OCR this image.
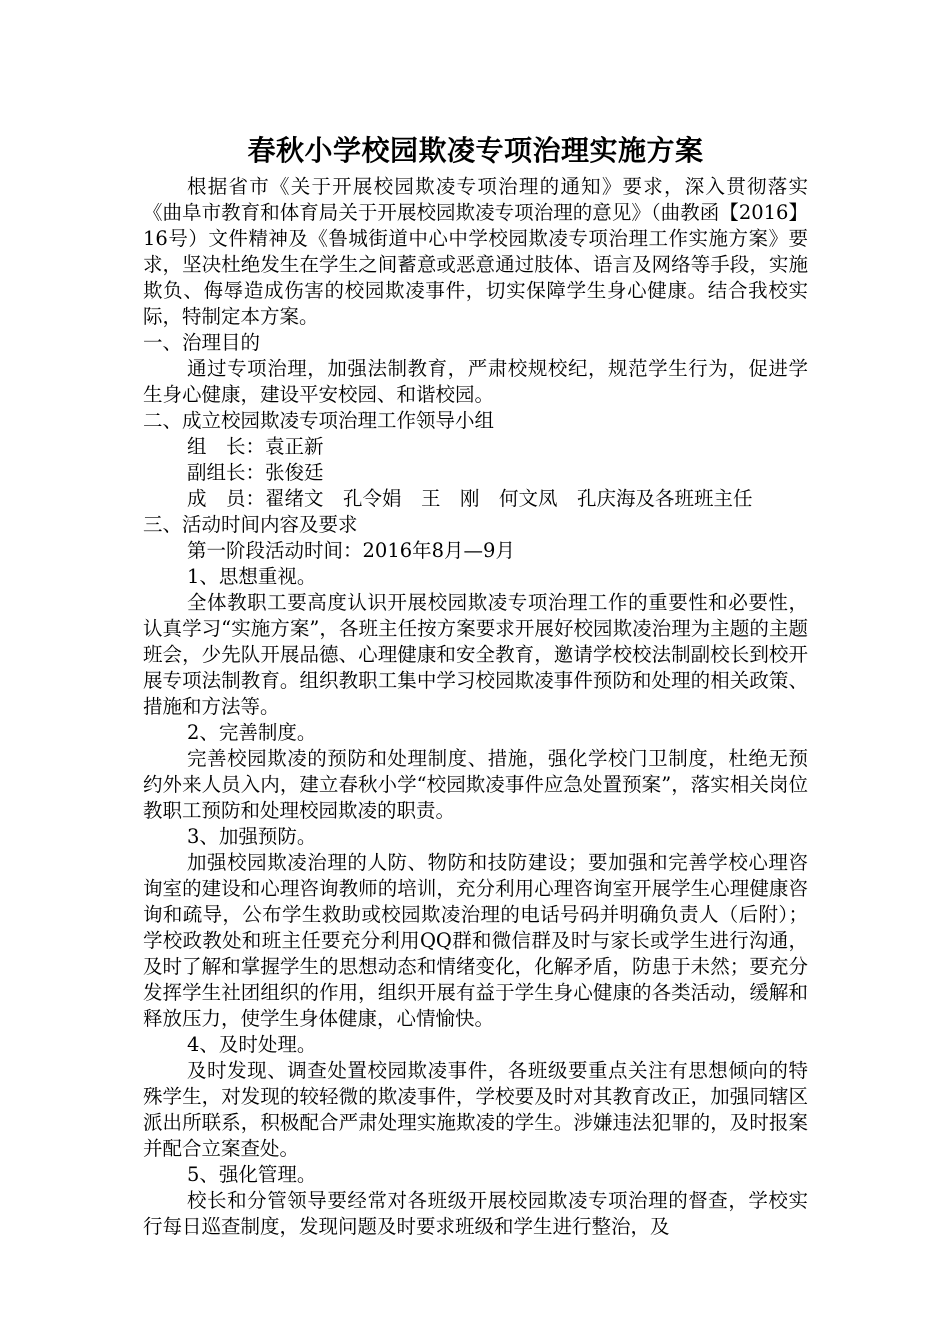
春秋小学校园欺凌专项治理实施方案

根据省市《关于开展校园欺凌专项治理的通知》要求，深入贯彻落实《曲阜市教育和体育局关于开展校园欺凌专项治理的意见》（曲教函【2016】16号）文件精神及《鲁城街道中心中学校园欺凌专项治理工作实施方案》要求，坚决杜绝发生在学生之间蓄意或恶意通过肢体、语言及网络等手段，实施欺负、侮辱造成伤害的校园欺凌事件，切实保障学生身心健康。结合我校实际，特制定本方案。

一、治理目的

通过专项治理，加强法制教育，严肃校规校纪，规范学生行为，促进学生身心健康，建设平安校园、和谐校园。

二、成立校园欺凌专项治理工作领导小组

组　长：袁正新

副组长：张俊廷

成　员：翟绪文　孔令娟　王　刚　何文凤　孔庆海及各班班主任

三、活动时间内容及要求

第一阶段活动时间：2016年8月—9月

1、思想重视。

全体教职工要高度认识开展校园欺凌专项治理工作的重要性和必要性，认真学习“实施方案”，各班主任按方案要求开展好校园欺凌治理为主题的主题班会，少先队开展品德、心理健康和安全教育，邀请学校校法制副校长到校开展专项法制教育。组织教职工集中学习校园欺凌事件预防和处理的相关政策、措施和方法等。

2、完善制度。

完善校园欺凌的预防和处理制度、措施，强化学校门卫制度，杜绝无预约外来人员入内，建立春秋小学“校园欺凌事件应急处置预案”，落实相关岗位教职工预防和处理校园欺凌的职责。

3、加强预防。

加强校园欺凌治理的人防、物防和技防建设；要加强和完善学校心理咨询室的建设和心理咨询教师的培训，充分利用心理咨询室开展学生心理健康咨询和疏导，公布学生救助或校园欺凌治理的电话号码并明确负责人（后附）；学校政教处和班主任要充分利用QQ群和微信群及时与家长或学生进行沟通，及时了解和掌握学生的思想动态和情绪变化，化解矛盾，防患于未然；要充分发挥学生社团组织的作用，组织开展有益于学生身心健康的各类活动，缓解和释放压力，使学生身体健康，心情愉快。

4、及时处理。

及时发现、调查处置校园欺凌事件，各班级要重点关注有思想倾向的特殊学生，对发现的较轻微的欺凌事件，学校要及时对其教育改正，加强同辖区派出所联系，积极配合严肃处理实施欺凌的学生。涉嫌违法犯罪的，及时报案并配合立案查处。

5、强化管理。

校长和分管领导要经常对各班级开展校园欺凌专项治理的督查，学校实行每日巡查制度，发现问题及时要求班级和学生进行整治，及
